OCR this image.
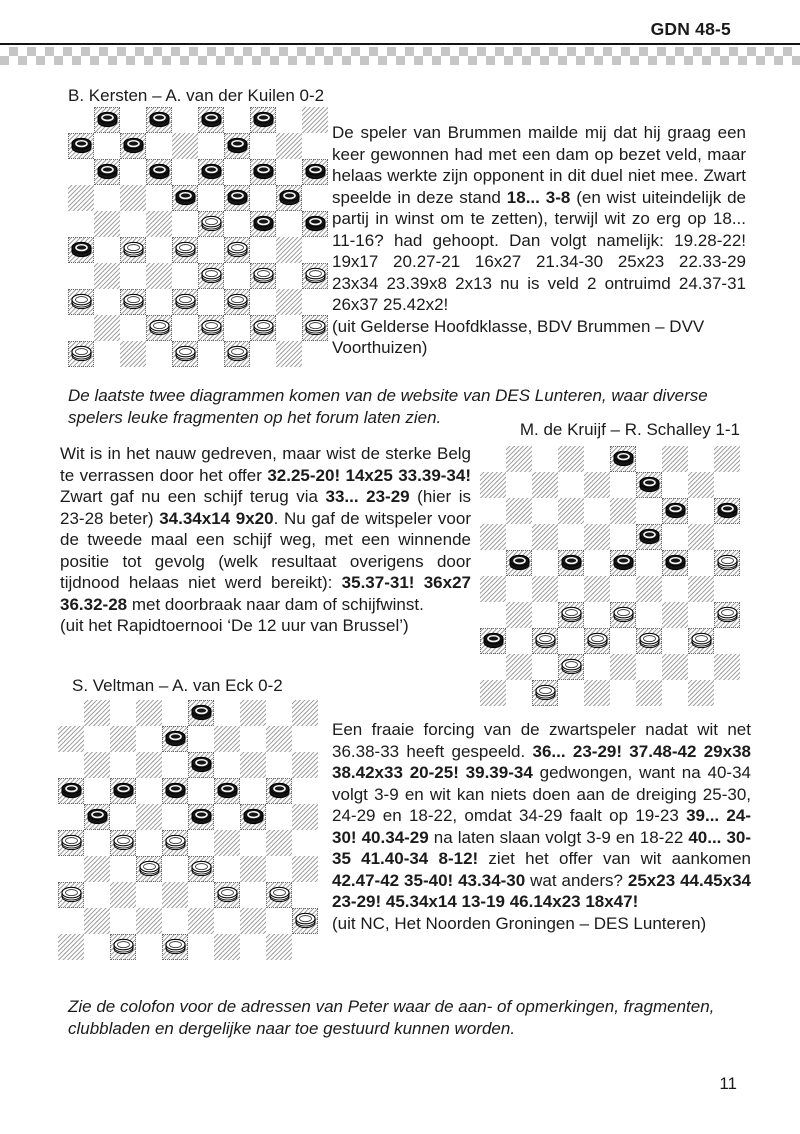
GDN 48-5
B. Kersten – A. van der Kuilen 0-2

De speler van Brummen mailde mij dat hij graag een keer gewonnen had met een dam op bezet veld, maar helaas werkte zijn opponent in dit duel niet mee. Zwart speelde in deze stand 18... 3-8 (en wist uiteindelijk de partij in winst om te zetten), terwijl wit zo erg op 18... 11-16? had gehoopt. Dan volgt namelijk: 19.28-22! 19x17 20.27-21 16x27 21.34-30 25x23 22.33-29 23x34 23.39x8 2x13 nu is veld 2 ontruimd 24.37-31 26x37 25.42x2!

(uit Gelderse Hoofdklasse, BDV Brummen – DVV Voorthuizen)

De laatste twee diagrammen komen van de website van DES Lunteren, waar diverse spelers leuke fragmenten op het forum laten zien.
M. de Kruijf – R. Schalley 1-1

Wit is in het nauw gedreven, maar wist de sterke Belg te verrassen door het offer 32.25-20! 14x25 33.39-34! Zwart gaf nu een schijf terug via 33... 23-29 (hier is 23-28 beter) 34.34x14 9x20. Nu gaf de witspeler voor de tweede maal een schijf weg, met een winnende positie tot gevolg (welk resultaat overigens door tijdnood helaas niet werd bereikt): 35.37-31! 36x27 36.32-28 met doorbraak naar dam of schijfwinst.

(uit het Rapidtoernooi ‘De 12 uur van Brussel’)

S. Veltman – A. van Eck 0-2

Een fraaie forcing van de zwartspeler nadat wit net 36.38-33 heeft gespeeld. 36... 23-29! 37.48-42 29x38 38.42x33 20-25! 39.39-34 gedwongen, want na 40-34 volgt 3-9 en wit kan niets doen aan de dreiging 25-30, 24-29 en 18-22, omdat 34-29 faalt op 19-23 39... 24-30! 40.34-29 na laten slaan volgt 3-9 en 18-22 40... 30-35 41.40-34 8-12! ziet het offer van wit aankomen 42.47-42 35-40! 43.34-30 wat anders? 25x23 44.45x34 23-29! 45.34x14 13-19 46.14x23 18x47!

(uit NC, Het Noorden Groningen – DES Lunteren)

Zie de colofon voor de adressen van Peter waar de aan- of opmerkingen, fragmenten, clubbladen en dergelijke naar toe gestuurd kunnen worden.
11
